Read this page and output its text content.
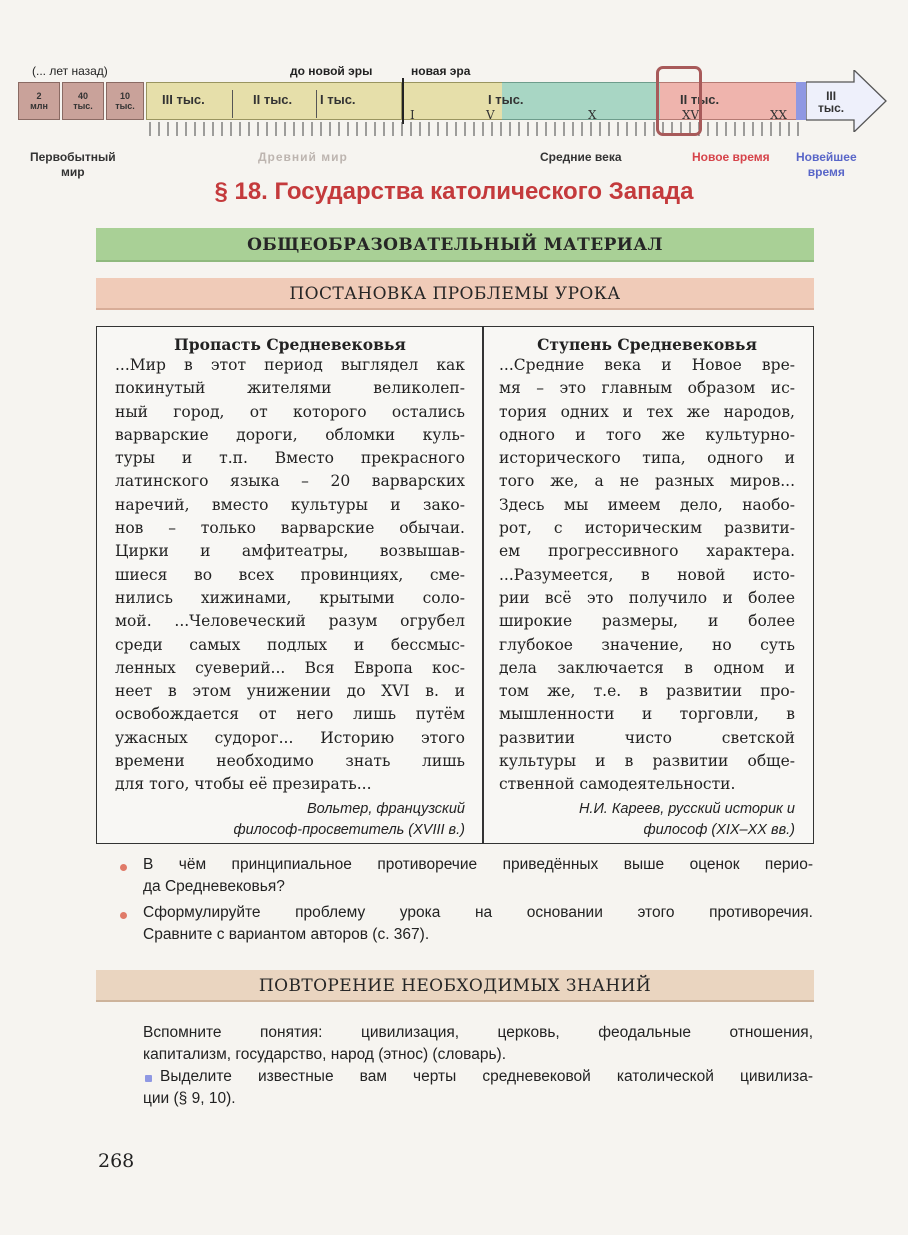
(... лет назад)	до новой эры	новая эра
2
млн
40
тыс.
10
тыс. III тыс.	II тыс. I тыс.	I тыс.	II тыс.	III
тыс.
I	V	X	XV	XX
Первобытный
мир
Древний мир	Средние века	Новое время Новейшее
время
§ 18. Государства католического Запада
ОБЩЕОБРАЗОВАТЕЛЬНЫЙ МАТЕРИАЛ
ПОСТАНОВКА ПРОБЛЕМЫ УРОКА
Пропасть Средневековья
...Мир в этот период выглядел как
покинутый жителями великолеп-
ный город, от которого остались
варварские дороги, обломки куль-
туры и т.п. Вместо прекрасного
латинского языка – 20 варварских
наречий, вместо культуры и зако-
нов – только варварские обычаи.
Цирки и амфитеатры, возвышав-
шиеся во всех провинциях, сме-
нились хижинами, крытыми соло-
мой. ...Человеческий разум огрубел
среди самых подлых и бессмыс-
ленных суеверий... Вся Европа кос-
неет в этом унижении до XVI в. и
освобождается от него лишь путём
ужасных судорог... Историю этого
времени необходимо знать лишь
для того, чтобы её презирать...
Вольтер, французский
философ-просветитель (XVIII в.)
Ступень Средневековья
...Средние века и Новое вре-
мя – это главным образом ис-
тория одних и тех же народов,
одного и того же культурно-
исторического типа, одного и
того же, а не разных миров...
Здесь мы имеем дело, наобо-
рот, с историческим развити-
ем прогрессивного характера.
...Разумеется, в новой исто-
рии всё это получило и более
широкие размеры, и более
глубокое значение, но суть
дела заключается в одном и
том же, т.е. в развитии про-
мышленности и торговли, в
развитии чисто светской
культуры и в развитии обще-
ственной самодеятельности.
Н.И. Кареев, русский историк и
философ (XIX–XX вв.)
В чём принципиальное противоречие приведённых выше оценок перио-
да Средневековья?
Сформулируйте проблему урока на основании этого противоречия.
Сравните с вариантом авторов (с. 367).
ПОВТОРЕНИЕ НЕОБХОДИМЫХ ЗНАНИЙ
Вспомните понятия: цивилизация, церковь, феодальные отношения,
капитализм, государство, народ (этнос) (словарь).
Выделите известные вам черты средневековой католической цивилиза-
ции (§ 9, 10).
268
